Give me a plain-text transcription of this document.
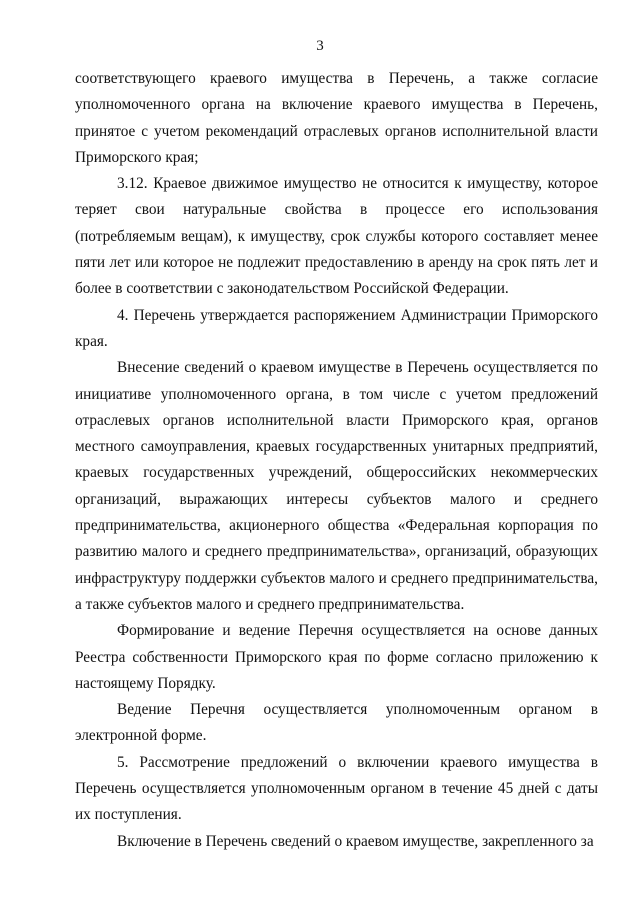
3

соответствующего краевого имущества в Перечень, а также согласие уполномоченного органа на включение краевого имущества в Перечень, принятое с учетом рекомендаций отраслевых органов исполнительной власти Приморского края;

3.12. Краевое движимое имущество не относится к имуществу, которое теряет свои натуральные свойства в процессе его использования (потребляемым вещам), к имуществу, срок службы которого составляет менее пяти лет или которое не подлежит предоставлению в аренду на срок пять лет и более в соответствии с законодательством Российской Федерации.

4. Перечень утверждается распоряжением Администрации Приморского края.

Внесение сведений о краевом имуществе в Перечень осуществляется по инициативе уполномоченного органа, в том числе с учетом предложений отраслевых органов исполнительной власти Приморского края, органов местного самоуправления, краевых государственных унитарных предприятий, краевых государственных учреждений, общероссийских некоммерческих организаций, выражающих интересы субъектов малого и среднего предпринимательства, акционерного общества «Федеральная корпорация по развитию малого и среднего предпринимательства», организаций, образующих инфраструктуру поддержки субъектов малого и среднего предпринимательства, а также субъектов малого и среднего предпринимательства.

Формирование и ведение Перечня осуществляется на основе данных Реестра собственности Приморского края по форме согласно приложению к настоящему Порядку.

Ведение Перечня осуществляется уполномоченным органом в электронной форме.

5. Рассмотрение предложений о включении краевого имущества в Перечень осуществляется уполномоченным органом в течение 45 дней с даты их поступления.

Включение в Перечень сведений о краевом имуществе, закрепленного за
